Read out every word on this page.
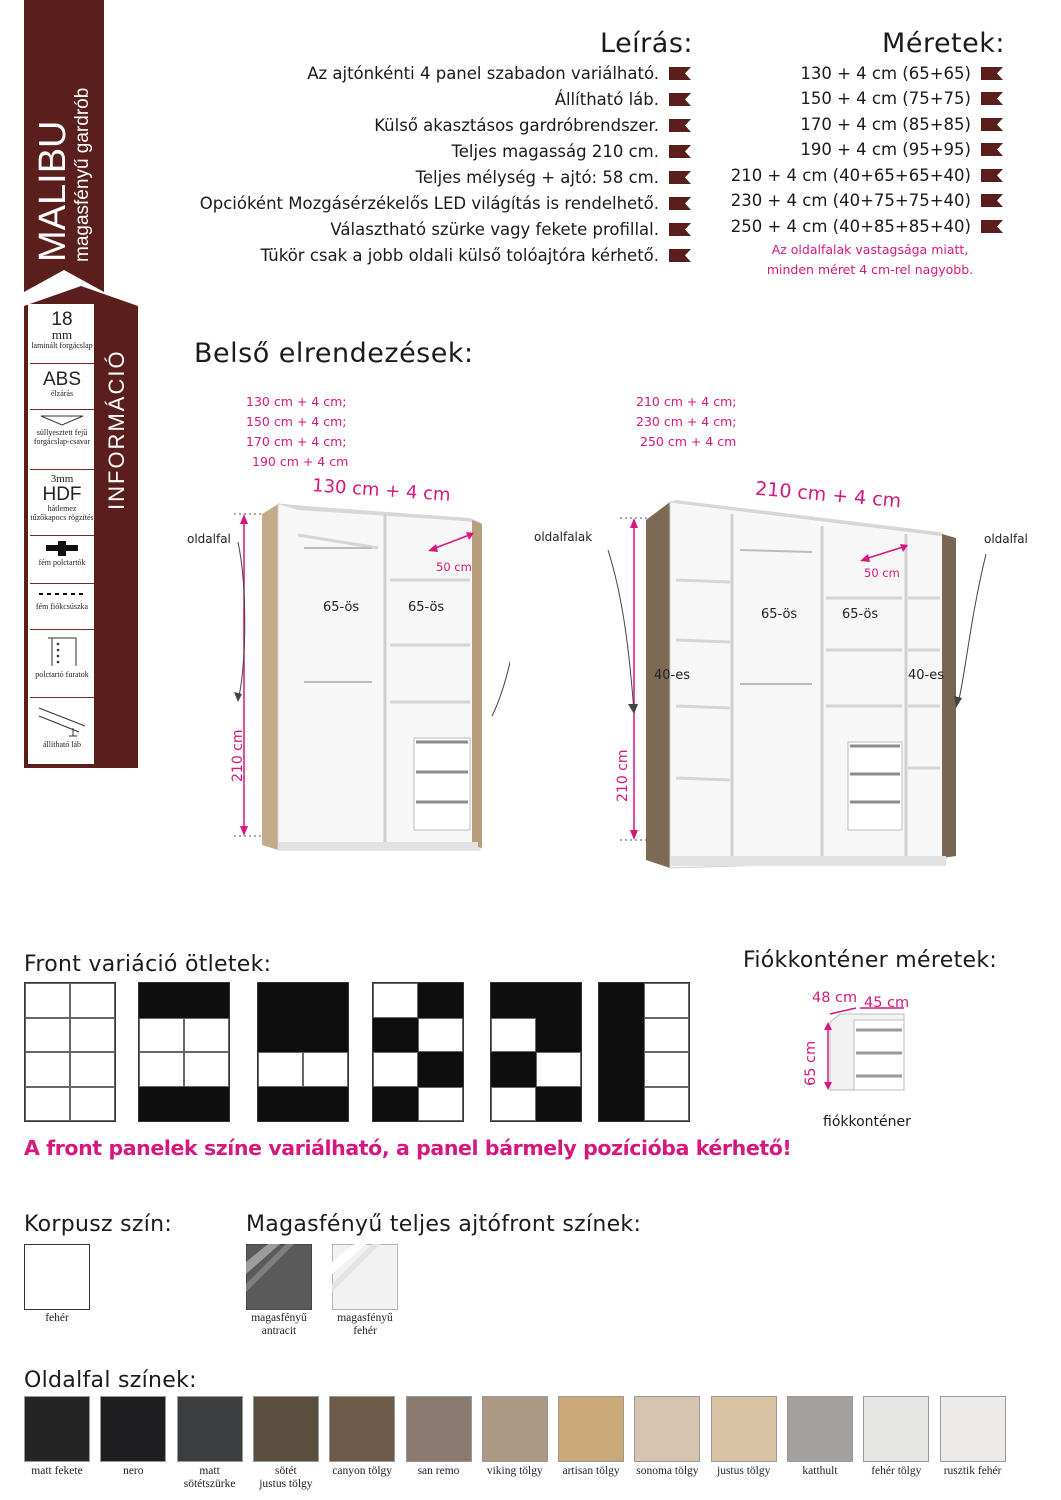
MALIBU
magasfényű gardrób
INFORMÁCIÓ
18
mm
laminált forgácslap
ABS
élzárás
süllyesztett fejű forgácslap-csavar
3mm
HDF
hátlemez tűzőkapocs rögzítés
fém polctartók
fém fiókcsúszka
polctartó furatok
állítható láb
Leírás:
Az ajtónkénti 4 panel szabadon variálható.
Állítható láb.
Külső akasztásos gardróbrendszer.
Teljes magasság 210 cm.
Teljes mélység + ajtó: 58 cm.
Opcióként Mozgásérzékelős LED világítás is rendelhető.
Választható szürke vagy fekete profillal.
Tükör csak a jobb oldali külső tolóajtóra kérhető.
Méretek:
130 + 4 cm (65+65)
150 + 4 cm (75+75)
170 + 4 cm (85+85)
190 + 4 cm (95+95)
210 + 4 cm (40+65+65+40)
230 + 4 cm (40+75+75+40)
250 + 4 cm (40+85+85+40)
Az oldalfalak vastagsága miatt,
minden méret 4 cm-rel nagyobb.
Belső elrendezések:
130 cm + 4 cm;
150 cm + 4 cm;
170 cm + 4 cm;
190 cm + 4 cm
210 cm + 4 cm;
230 cm + 4 cm;
250 cm + 4 cm
130 cm + 4 cm
50 cm
210 cm
oldalfal
65-ös	65-ös
210 cm + 4 cm
50 cm
210 cm
oldalfalak	oldalfal
40-es
65-ös	65-ös
40-es
Front variáció ötletek:
A front panelek színe variálható, a panel bármely pozícióba kérhető!
Fiókkonténer méretek:
48 cm 45 cm
65 cm
fiókkonténer
Korpusz szín:
fehér
Magasfényű teljes ajtófront színek:
magasfényű
antracit
magasfényű
fehér
Oldalfal színek:
matt fekete	nero	matt
sötétszürke
sötét
justus tölgy
canyon tölgy	san remo	viking tölgy	artisan tölgy	sonoma tölgy	justus tölgy	katthult	fehér tölgy	rusztik fehér
